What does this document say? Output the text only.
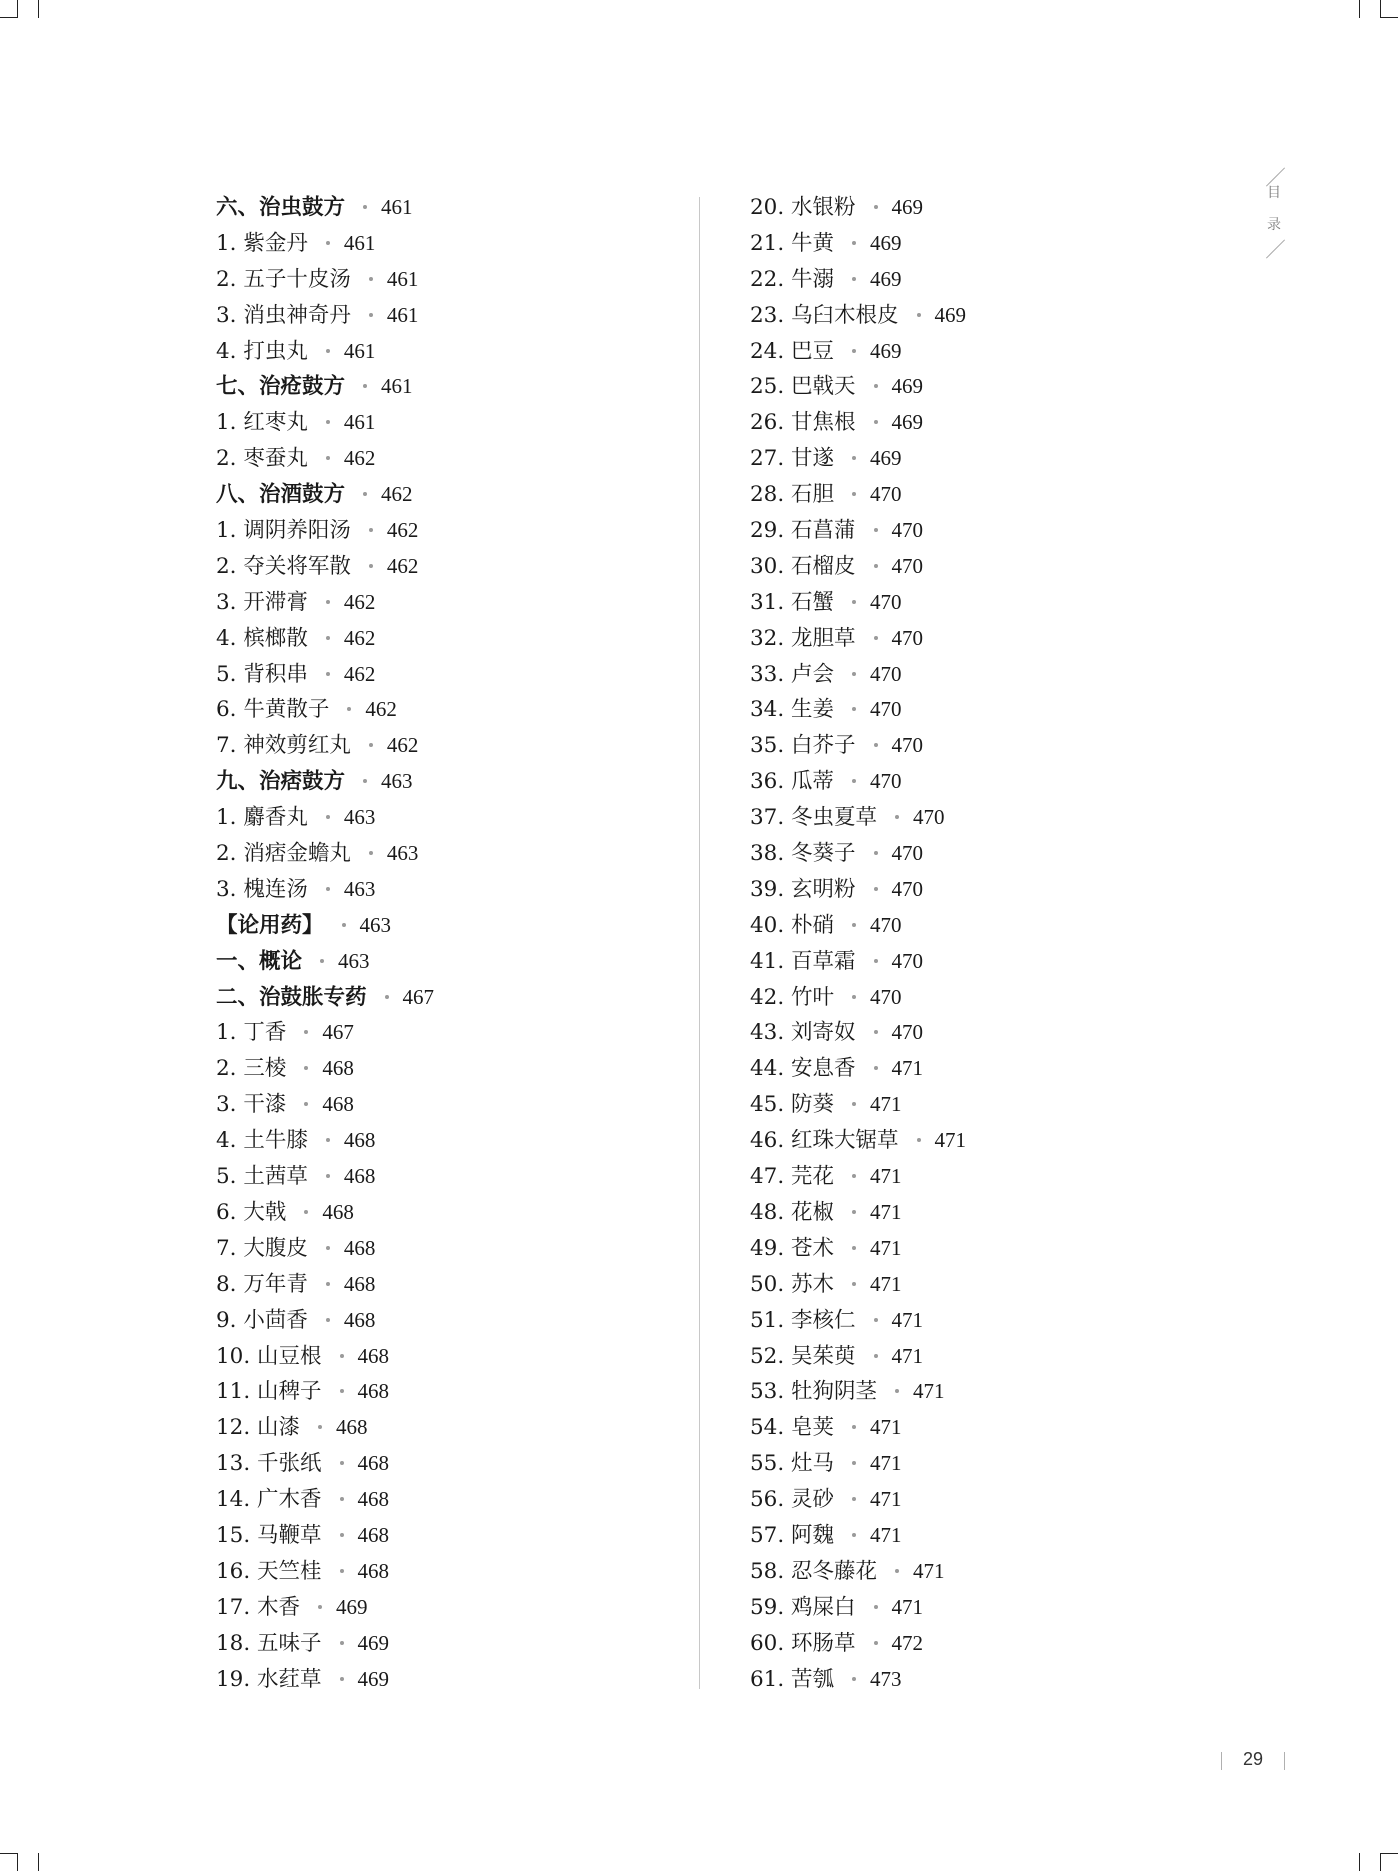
目
录
六、治虫鼓方 461
1. 紫金丹 461
2. 五子十皮汤 461
3. 消虫神奇丹 461
4. 打虫丸 461
七、治疮鼓方 461
1. 红枣丸 461
2. 枣蚕丸 462
八、治酒鼓方 462
1. 调阴养阳汤 462
2. 夺关将军散 462
3. 开滞膏 462
4. 槟榔散 462
5. 背积串 462
6. 牛黄散子 462
7. 神效剪红丸 462
九、治痞鼓方 463
1. 麝香丸 463
2. 消痞金蟾丸 463
3. 槐连汤 463
【论用药】 463
一、概论 463
二、治鼓胀专药 467
1. 丁香 467
2. 三棱 468
3. 干漆 468
4. 土牛膝 468
5. 土茜草 468
6. 大戟 468
7. 大腹皮 468
8. 万年青 468
9. 小茴香 468
10. 山豆根 468
11. 山稗子 468
12. 山漆 468
13. 千张纸 468
14. 广木香 468
15. 马鞭草 468
16. 天竺桂 468
17. 木香 469
18. 五味子 469
19. 水荭草 469
20. 水银粉 469
21. 牛黄 469
22. 牛溺 469
23. 乌臼木根皮 469
24. 巴豆 469
25. 巴戟天 469
26. 甘焦根 469
27. 甘遂 469
28. 石胆 470
29. 石菖蒲 470
30. 石榴皮 470
31. 石蟹 470
32. 龙胆草 470
33. 卢会 470
34. 生姜 470
35. 白芥子 470
36. 瓜蒂 470
37. 冬虫夏草 470
38. 冬葵子 470
39. 玄明粉 470
40. 朴硝 470
41. 百草霜 470
42. 竹叶 470
43. 刘寄奴 470
44. 安息香 471
45. 防葵 471
46. 红珠大锯草 471
47. 芫花 471
48. 花椒 471
49. 苍术 471
50. 苏木 471
51. 李核仁 471
52. 吴茱萸 471
53. 牡狗阴茎 471
54. 皂荚 471
55. 灶马 471
56. 灵砂 471
57. 阿魏 471
58. 忍冬藤花 471
59. 鸡屎白 471
60. 环肠草 472
61. 苦瓠 473
29
